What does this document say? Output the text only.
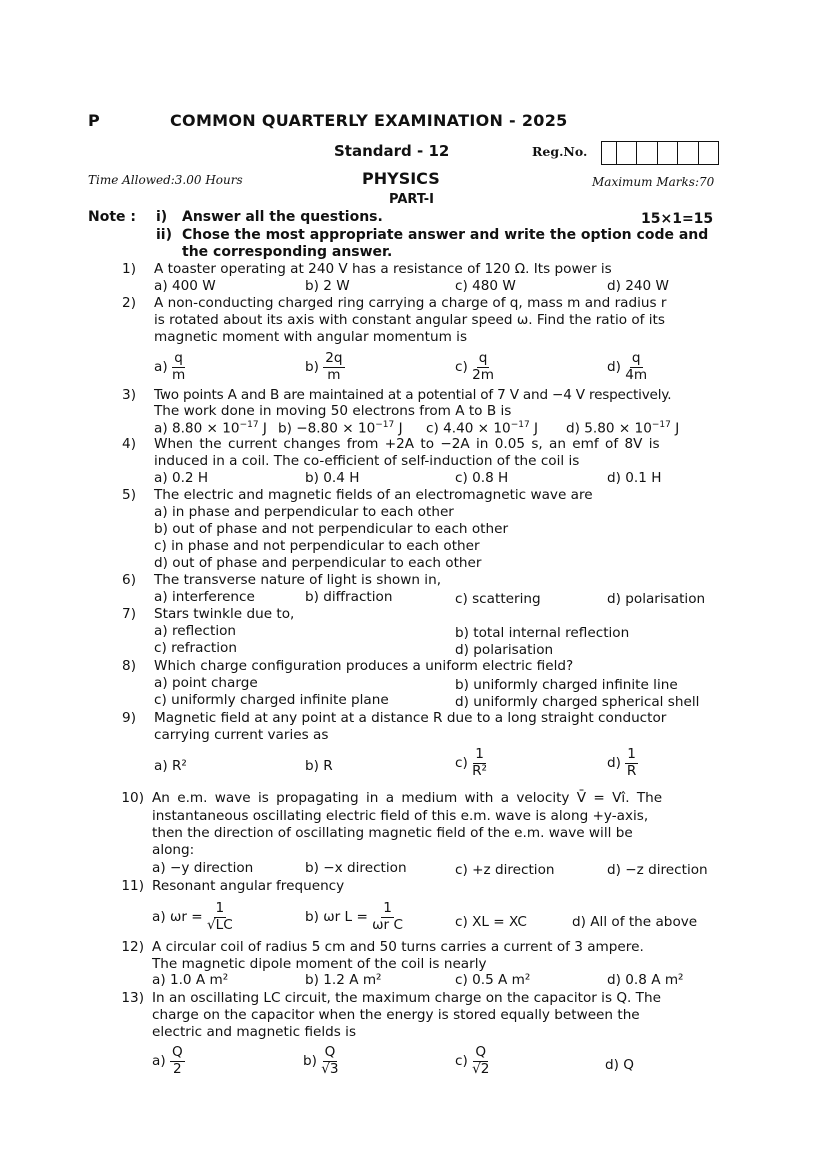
P	COMMON QUARTERLY EXAMINATION - 2025
Standard - 12	Reg.No.
Time Allowed:3.00 Hours	PHYSICS	Maximum Marks:70
PART-I
Note : i) Answer all the questions.	15×1=15
ii) Chose the most appropriate answer and write the option code and
the corresponding answer.
1) A toaster operating at 240 V has a resistance of 120 Ω. Its power is
a) 400 W	b) 2 W	c) 480 W	d) 240 W
2) A non-conducting charged ring carrying a charge of q, mass m and radius r
is rotated about its axis with constant angular speed ω. Find the ratio of its
magnetic moment with angular momentum is
$a) \frac{q}{m}$	$b) \frac{2q}{m}$	$c) \frac{q}{2m}$	$d) \frac{q}{4m}$
3) Two points A and B are maintained at a potential of 7 V and −4 V respectively.
The work done in moving 50 electrons from A to B is
a) $8.80 \times 10^{-17}$ J $b) -8.80 \times 10^{-17}$ J c) $4.40 \times 10^{-17}$ J d) $5.80 \times 10^{-17}$ J
4) When the current changes from +2A to −2A in 0.05 s, an emf of 8V is
induced in a coil. The co-efficient of self-induction of the coil is
a) 0.2 H	b) 0.4 H	c) 0.8 H	d) 0.1 H
5) The electric and magnetic fields of an electromagnetic wave are
a) in phase and perpendicular to each other
b) out of phase and not perpendicular to each other
c) in phase and not perpendicular to each other
d) out of phase and perpendicular to each other
6) The transverse nature of light is shown in,
a) interference	b) diffraction	c) scattering	d) polarisation
7) Stars twinkle due to,
a) reflection	b) total internal reflection
c) refraction	d) polarisation
8) Which charge configuration produces a uniform electric field?
a) point charge	b) uniformly charged infinite line
c) uniformly charged infinite plane	d) uniformly charged spherical shell
9) Magnetic field at any point at a distance R due to a long straight conductor
carrying current varies as
a) R²	b) R	$c) \frac{1}{\text{R²}}$	$d) \frac{1}{R}$
10) An e.m. wave is propagating in a medium with a velocity V̄ = Vî. The
instantaneous oscillating electric field of this e.m. wave is along +y-axis,
then the direction of oscillating magnetic field of the e.m. wave will be
along:
a) −y direction	b) −x direction	c) +z direction	d) −z direction
11) Resonant angular frequency
a) $\omega r = \frac{1}{√LC}$	b) ωr $L = \frac{1}{\text{ωr C}}$	c) XL = XC	d) All of the above
12) A circular coil of radius 5 cm and 50 turns carries a current of 3 ampere.
The magnetic dipole moment of the coil is nearly
a) 1.0 A m²	b) 1.2 A m²	c) 0.5 A m²	d) 0.8 A m²
13) In an oscillating LC circuit, the maximum charge on the capacitor is Q. The
charge on the capacitor when the energy is stored equally between the
electric and magnetic fields is
$a) \frac{Q}{2}$	$b) \frac{Q}{√3}$	$c) \frac{Q}{√2}$	d) Q
